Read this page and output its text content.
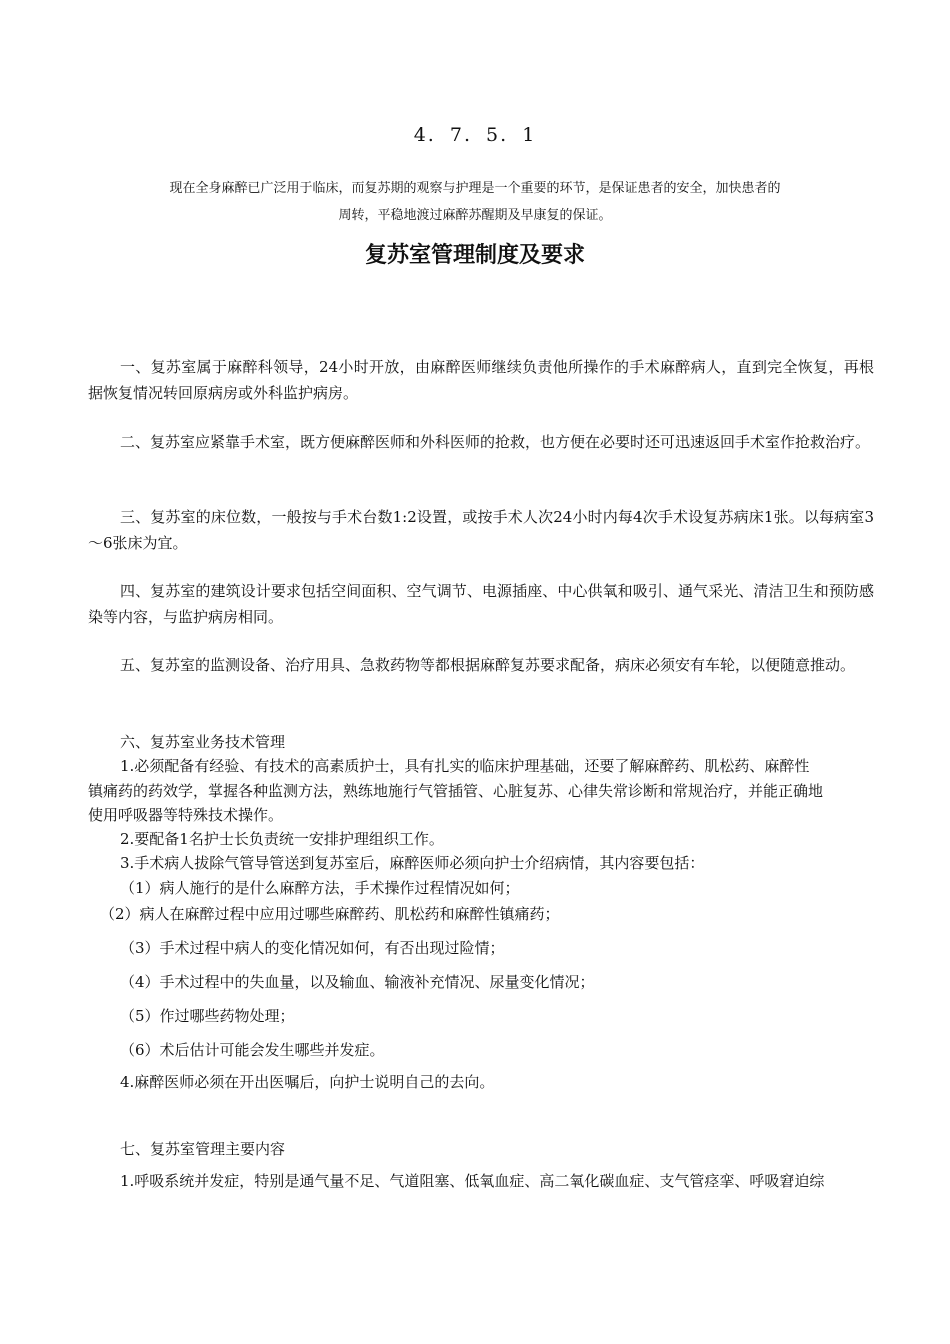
4. 7. 5. 1
现在全身麻醉已广泛用于临床，而复苏期的观察与护理是一个重要的环节，是保证患者的安全，加快患者的
周转，平稳地渡过麻醉苏醒期及早康复的保证。
复苏室管理制度及要求

一、复苏室属于麻醉科领导，24小时开放，由麻醉医师继续负责他所操作的手术麻醉病人，直到完全恢复，再根据恢复情况转回原病房或外科监护病房。

二、复苏室应紧靠手术室，既方便麻醉医师和外科医师的抢救，也方便在必要时还可迅速返回手术室作抢救治疗。

三、复苏室的床位数，一般按与手术台数1:2设置，或按手术人次24小时内每4次手术设复苏病床1张。以每病室3～6张床为宜。

四、复苏室的建筑设计要求包括空间面积、空气调节、电源插座、中心供氧和吸引、通气采光、清洁卫生和预防感染等内容，与监护病房相同。

五、复苏室的监测设备、治疗用具、急救药物等都根据麻醉复苏要求配备，病床必须安有车轮，以便随意推动。

六、复苏室业务技术管理
1.必须配备有经验、有技术的高素质护士，具有扎实的临床护理基础，还要了解麻醉药、肌松药、麻醉性
镇痛药的药效学，掌握各种监测方法，熟练地施行气管插管、心脏复苏、心律失常诊断和常规治疗，并能正确地
使用呼吸器等特殊技术操作。
2.要配备1名护士长负责统一安排护理组织工作。
3.手术病人拔除气管导管送到复苏室后，麻醉医师必须向护士介绍病情，其内容要包括：
（1）病人施行的是什么麻醉方法，手术操作过程情况如何；
（2）病人在麻醉过程中应用过哪些麻醉药、肌松药和麻醉性镇痛药；
（3）手术过程中病人的变化情况如何，有否出现过险情；
（4）手术过程中的失血量，以及输血、输液补充情况、尿量变化情况；
（5）作过哪些药物处理；
（6）术后估计可能会发生哪些并发症。
4.麻醉医师必须在开出医嘱后，向护士说明自己的去向。
七、复苏室管理主要内容
1.呼吸系统并发症，特别是通气量不足、气道阻塞、低氧血症、高二氧化碳血症、支气管痉挛、呼吸窘迫综
